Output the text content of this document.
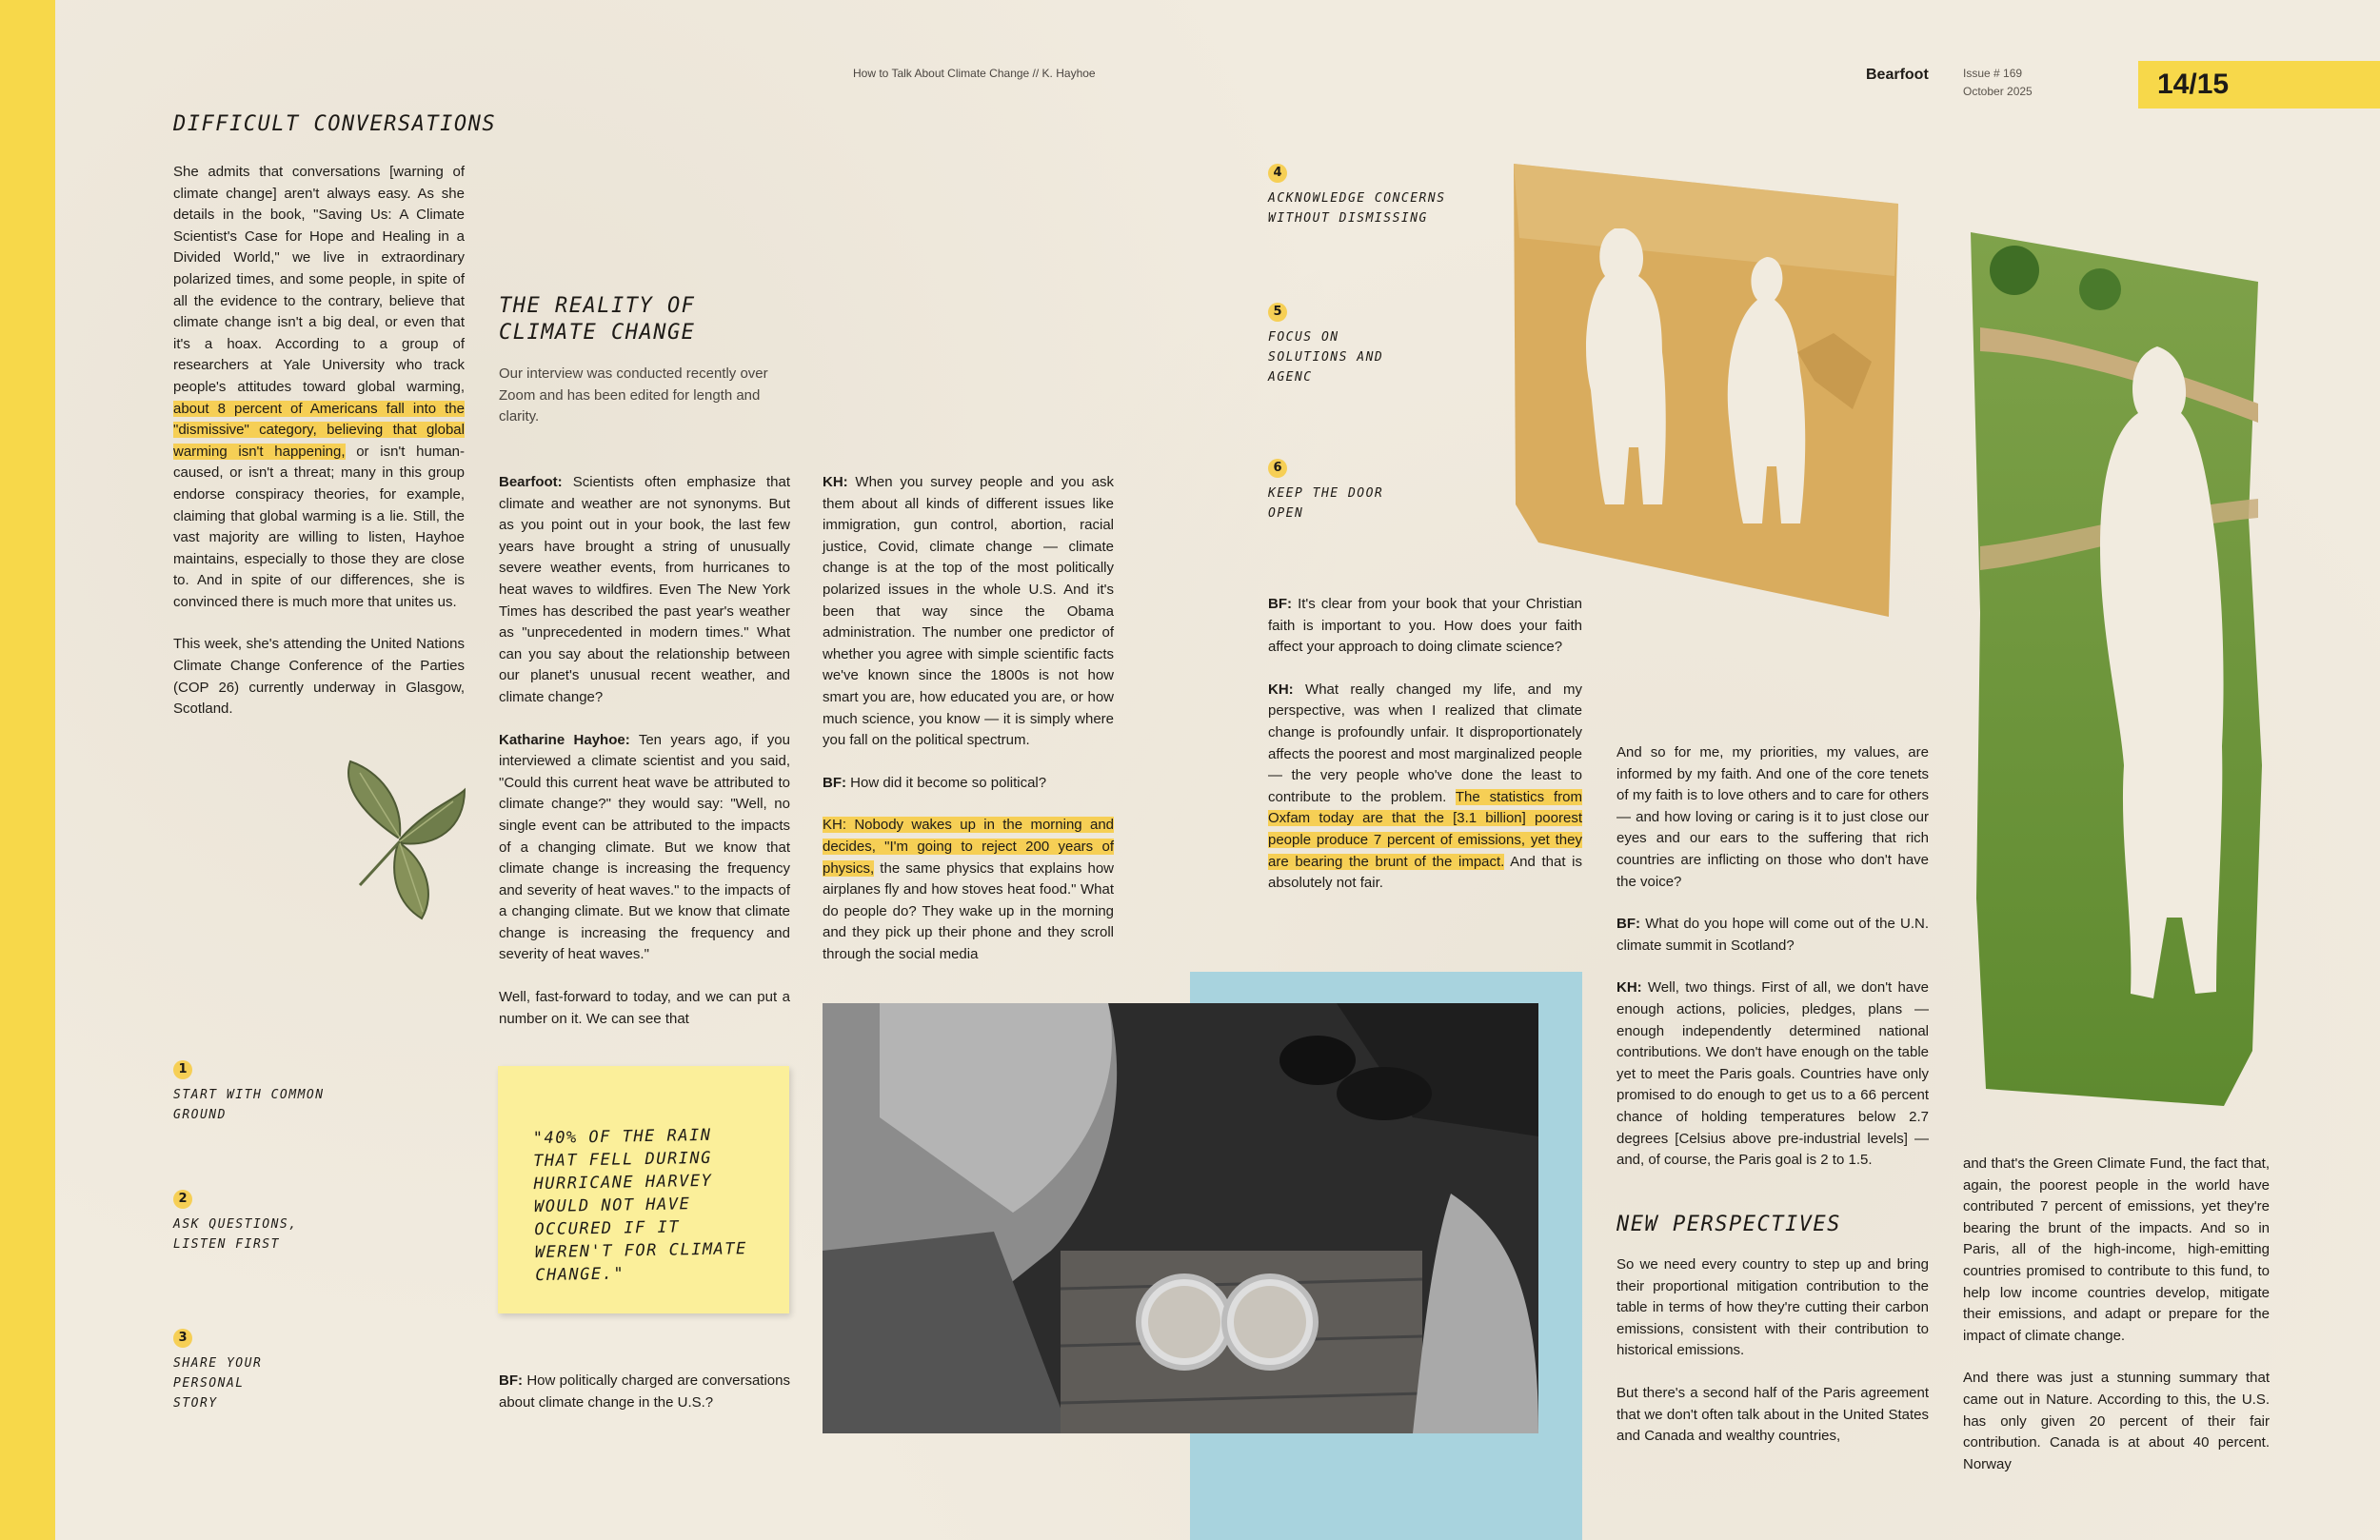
How to Talk About Climate Change // K. Hayhoe	Bearfoot	Issue # 169
October 2025	14/15
DIFFICULT CONVERSATIONS

She admits that conversations [warning of climate change] aren't always easy. As she details in the book, "Saving Us: A Climate Scientist's Case for Hope and Healing in a Divided World," we live in extraordinary polarized times, and some people, in spite of all the evidence to the contrary, believe that climate change isn't a big deal, or even that it's a hoax. According to a group of researchers at Yale University who track people's attitudes toward global warming, about 8 percent of Americans fall into the "dismissive" category, believing that global warming isn't happening, or isn't human-caused, or isn't a threat; many in this group endorse conspiracy theories, for example, claiming that global warming is a lie. Still, the vast majority are willing to listen, Hayhoe maintains, especially to those they are close to. And in spite of our differences, she is convinced there is much more that unites us.

This week, she's attending the United Nations Climate Change Conference of the Parties (COP 26) currently underway in Glasgow, Scotland.

1
START WITH COMMON GROUND
2
ASK QUESTIONS, LISTEN FIRST
3
SHARE YOUR PERSONAL STORY
THE REALITY OF CLIMATE CHANGE
Our interview was conducted recently over Zoom and has been edited for length and clarity.

Bearfoot: Scientists often emphasize that climate and weather are not synonyms. But as you point out in your book, the last few years have brought a string of unusually severe weather events, from hurricanes to heat waves to wildfires. Even The New York Times has described the past year's weather as "unprecedented in modern times." What can you say about the relationship between our planet's unusual recent weather, and climate change?

Katharine Hayhoe: Ten years ago, if you interviewed a climate scientist and you said, "Could this current heat wave be attributed to climate change?" they would say: "Well, no single event can be attributed to the impacts of a changing climate. But we know that climate change is increasing the frequency and severity of heat waves." to the impacts of a changing climate. But we know that climate change is increasing the frequency and severity of heat waves."

Well, fast-forward to today, and we can put a number on it. We can see that

"40% OF THE RAIN THAT FELL DURING HURRICANE HARVEY WOULD NOT HAVE OCCURED IF IT WEREN'T FOR CLIMATE CHANGE."

BF: How politically charged are conversations about climate change in the U.S.?

KH: When you survey people and you ask them about all kinds of different issues like immigration, gun control, abortion, racial justice, Covid, climate change — climate change is at the top of the most politically polarized issues in the whole U.S. And it's been that way since the Obama administration. The number one predictor of whether you agree with simple scientific facts we've known since the 1800s is not how smart you are, how educated you are, or how much science, you know — it is simply where you fall on the political spectrum.

BF: How did it become so political?

KH: Nobody wakes up in the morning and decides, "I'm going to reject 200 years of physics, the same physics that explains how airplanes fly and how stoves heat food." What do people do? They wake up in the morning and they pick up their phone and they scroll through the social media

4
ACKNOWLEDGE CONCERNS WITHOUT DISMISSING
5
FOCUS ON SOLUTIONS AND AGENC
6
KEEP THE DOOR OPEN

BF: It's clear from your book that your Christian faith is important to you. How does your faith affect your approach to doing climate science?

KH: What really changed my life, and my perspective, was when I realized that climate change is profoundly unfair. It disproportionately affects the poorest and most marginalized people — the very people who've done the least to contribute to the problem. The statistics from Oxfam today are that the [3.1 billion] poorest people produce 7 percent of emissions, yet they are bearing the brunt of the impact. And that is absolutely not fair.

And so for me, my priorities, my values, are informed by my faith. And one of the core tenets of my faith is to love others and to care for others — and how loving or caring is it to just close our eyes and our ears to the suffering that rich countries are inflicting on those who don't have the voice?

BF: What do you hope will come out of the U.N. climate summit in Scotland?

KH: Well, two things. First of all, we don't have enough actions, policies, pledges, plans — enough independently determined national contributions. We don't have enough on the table yet to meet the Paris goals. Countries have only promised to do enough to get us to a 66 percent chance of holding temperatures below 2.7 degrees [Celsius above pre-industrial levels] — and, of course, the Paris goal is 2 to 1.5.

NEW PERSPECTIVES

So we need every country to step up and bring their proportional mitigation contribution to the table in terms of how they're cutting their carbon emissions, consistent with their contribution to historical emissions.

But there's a second half of the Paris agreement that we don't often talk about in the United States and Canada and wealthy countries,

and that's the Green Climate Fund, the fact that, again, the poorest people in the world have contributed 7 percent of emissions, yet they're bearing the brunt of the impacts. And so in Paris, all of the high-income, high-emitting countries promised to contribute to this fund, to help low income countries develop, mitigate their emissions, and adapt or prepare for the impact of climate change.

And there was just a stunning summary that came out in Nature. According to this, the U.S. has only given 20 percent of their fair contribution. Canada is at about 40 percent. Norway
